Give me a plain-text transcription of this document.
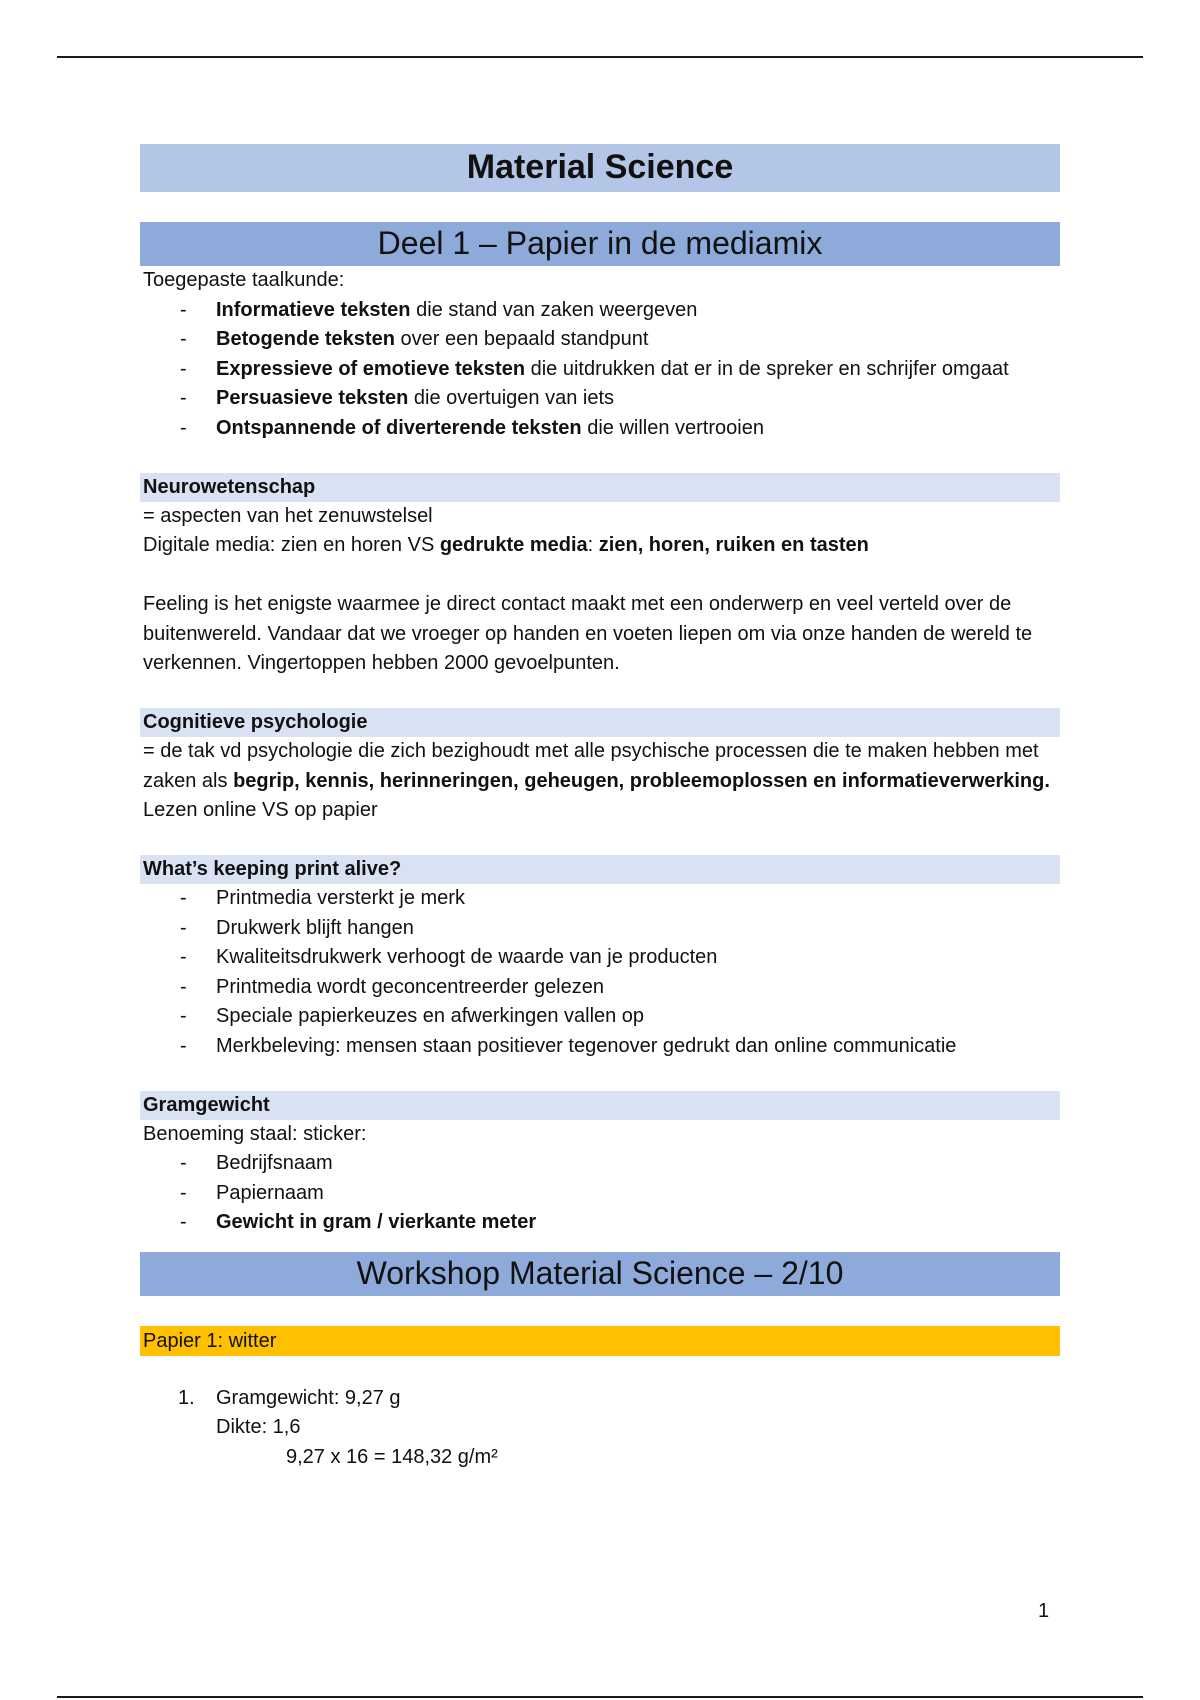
Material Science
Deel 1 – Papier in de mediamix
Toegepaste taalkunde:
- Informatieve teksten die stand van zaken weergeven
- Betogende teksten over een bepaald standpunt
- Expressieve of emotieve teksten die uitdrukken dat er in de spreker en schrijfer omgaat
- Persuasieve teksten die overtuigen van iets
- Ontspannende of diverterende teksten die willen vertrooien
Neurowetenschap
= aspecten van het zenuwstelsel
Digitale media: zien en horen VS gedrukte media: zien, horen, ruiken en tasten
Feeling is het enigste waarmee je direct contact maakt met een onderwerp en veel verteld over de buitenwereld. Vandaar dat we vroeger op handen en voeten liepen om via onze handen de wereld te verkennen. Vingertoppen hebben 2000 gevoelpunten.
Cognitieve psychologie
= de tak vd psychologie die zich bezighoudt met alle psychische processen die te maken hebben met zaken als begrip, kennis, herinneringen, geheugen, probleemoplossen en informatieverwerking.
Lezen online VS op papier
What’s keeping print alive?
- Printmedia versterkt je merk
- Drukwerk blijft hangen
- Kwaliteitsdrukwerk verhoogt de waarde van je producten
- Printmedia wordt geconcentreerder gelezen
- Speciale papierkeuzes en afwerkingen vallen op
- Merkbeleving: mensen staan positiever tegenover gedrukt dan online communicatie
Gramgewicht
Benoeming staal: sticker:
- Bedrijfsnaam
- Papiernaam
- Gewicht in gram / vierkante meter
Workshop Material Science – 2/10
Papier 1: witter
1. Gramgewicht: 9,27 g
Dikte: 1,6
9,27 x 16 = 148,32 g/m²
1
